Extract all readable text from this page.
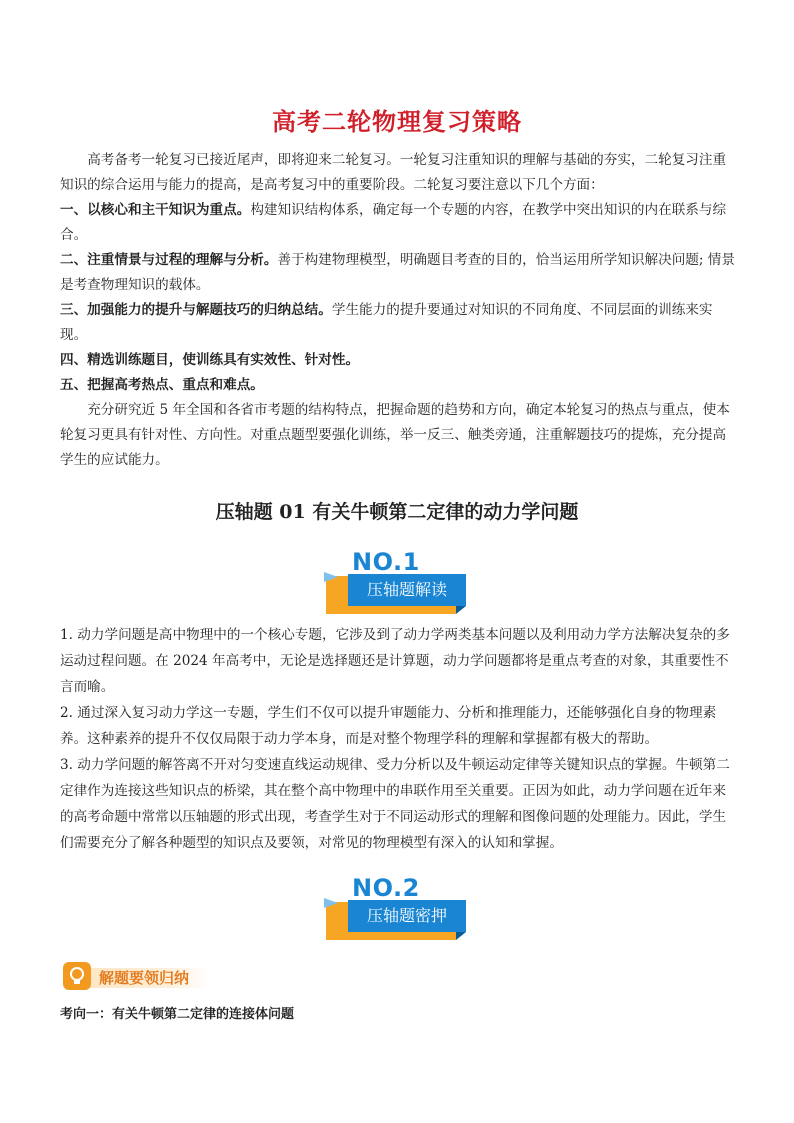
高考二轮物理复习策略

高考备考一轮复习已接近尾声，即将迎来二轮复习。一轮复习注重知识的理解与基础的夯实，二轮复习注重知识的综合运用与能力的提高，是高考复习中的重要阶段。二轮复习要注意以下几个方面：

一、以核心和主干知识为重点。构建知识结构体系，确定每一个专题的内容，在教学中突出知识的内在联系与综合。

二、注重情景与过程的理解与分析。善于构建物理模型，明确题目考查的目的，恰当运用所学知识解决问题; 情景是考查物理知识的载体。

三、加强能力的提升与解题技巧的归纳总结。学生能力的提升要通过对知识的不同角度、不同层面的训练来实现。

四、精选训练题目，使训练具有实效性、针对性。

五、把握高考热点、重点和难点。

充分研究近 5 年全国和各省市考题的结构特点，把握命题的趋势和方向，确定本轮复习的热点与重点，使本轮复习更具有针对性、方向性。对重点题型要强化训练，举一反三、触类旁通，注重解题技巧的提炼，充分提高学生的应试能力。

压轴题 01 有关牛顿第二定律的动力学问题
压轴题解读
NO.1

1. 动力学问题是高中物理中的一个核心专题，它涉及到了动力学两类基本问题以及利用动力学方法解决复杂的多运动过程问题。在 2024 年高考中，无论是选择题还是计算题，动力学问题都将是重点考查的对象，其重要性不言而喻。

2. 通过深入复习动力学这一专题，学生们不仅可以提升审题能力、分析和推理能力，还能够强化自身的物理素养。这种素养的提升不仅仅局限于动力学本身，而是对整个物理学科的理解和掌握都有极大的帮助。

3. 动力学问题的解答离不开对匀变速直线运动规律、受力分析以及牛顿运动定律等关键知识点的掌握。牛顿第二定律作为连接这些知识点的桥梁，其在整个高中物理中的串联作用至关重要。正因为如此，动力学问题在近年来的高考命题中常常以压轴题的形式出现，考查学生对于不同运动形式的理解和图像问题的处理能力。因此，学生们需要充分了解各种题型的知识点及要领，对常见的物理模型有深入的认知和掌握。

压轴题密押
NO.2
解题要领归纳
考向一：有关牛顿第二定律的连接体问题
